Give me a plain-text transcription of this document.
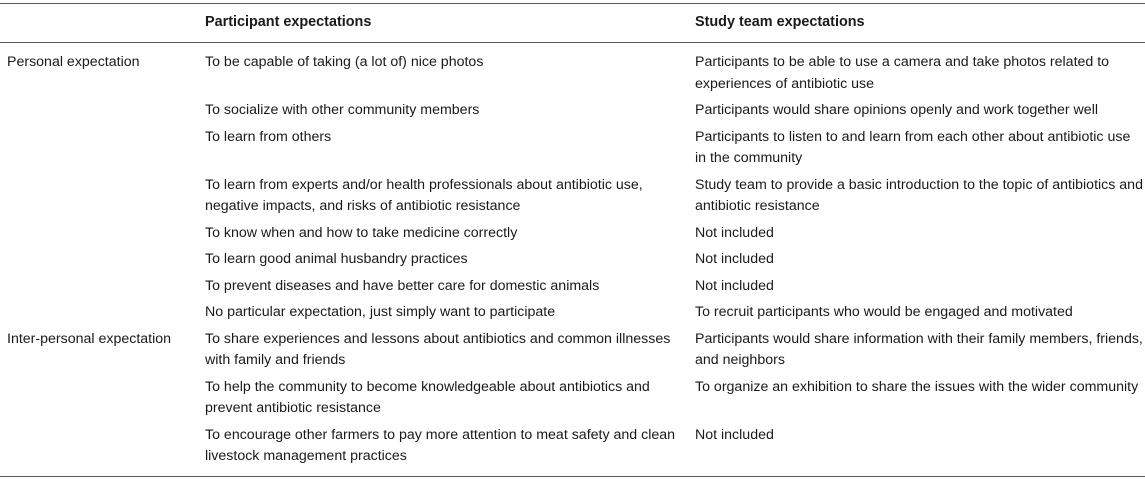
	Participant expectations	Study team expectations
Personal expectation	To be capable of taking (a lot of) nice photos	Participants to be able to use a camera and take photos related to experiences of antibiotic use
	To socialize with other community members	Participants would share opinions openly and work together well
	To learn from others	Participants to listen to and learn from each other about antibiotic use in the community
	To learn from experts and/or health professionals about antibiotic use, negative impacts, and risks of antibiotic resistance	Study team to provide a basic introduction to the topic of antibiotics and antibiotic resistance
	To know when and how to take medicine correctly	Not included
	To learn good animal husbandry practices	Not included
	To prevent diseases and have better care for domestic animals	Not included
	No particular expectation, just simply want to participate	To recruit participants who would be engaged and motivated
Inter-personal expectation	To share experiences and lessons about antibiotics and common illnesses with family and friends	Participants would share information with their family members, friends, and neighbors
	To help the community to become knowledgeable about antibiotics and prevent antibiotic resistance	To organize an exhibition to share the issues with the wider community
	To encourage other farmers to pay more attention to meat safety and clean livestock management practices	Not included
